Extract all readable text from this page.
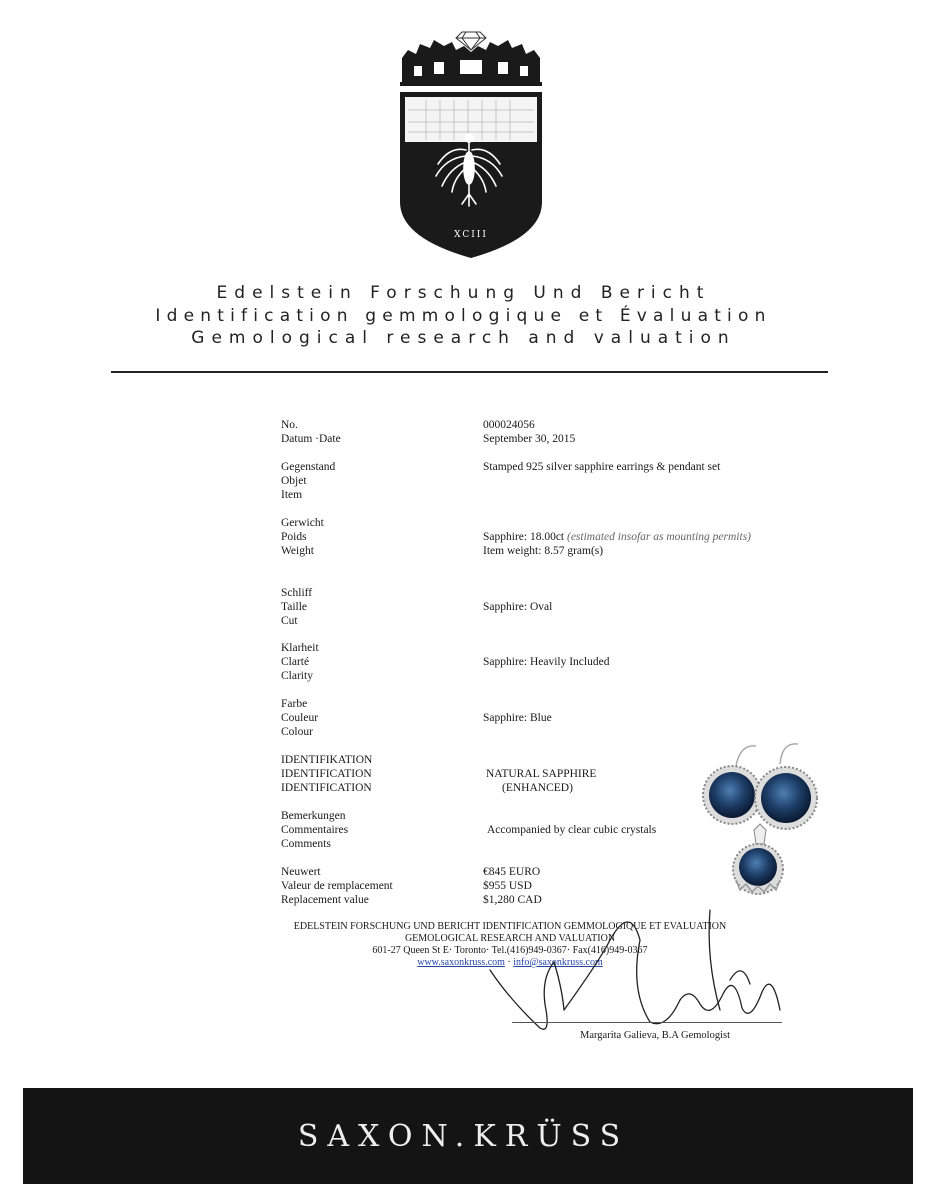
XCIII
Edelstein Forschung Und Bericht
Identification gemmologique et Évaluation
Gemological research and valuation
No.	000024056
Datum ·Date	September 30, 2015
Gegenstand
Objet
Item
Stamped 925 silver sapphire earrings & pendant set
Gerwicht
Poids
Weight
Sapphire: 18.00ct (estimated insofar as mounting permits)
Item weight: 8.57 gram(s)
Schliff
Taille
Cut
Sapphire: Oval
Klarheit
Clarté
Clarity
Sapphire: Heavily Included
Farbe
Couleur
Colour
Sapphire: Blue
IDENTIFIKATION
IDENTIFICATION
IDENTIFICATION
NATURAL SAPPHIRE
(ENHANCED)
Bemerkungen
Commentaires
Comments
Accompanied by clear cubic crystals
Neuwert
Valeur de remplacement
Replacement value
€845 EURO
$955 USD
$1,280 CAD
EDELSTEIN FORSCHUNG UND BERICHT IDENTIFICATION GEMMOLOGIQUE ET EVALUATION
GEMOLOGICAL RESEARCH AND VALUATION
601-27 Queen St E· Toronto· Tel.(416)949-0367· Fax(416)949-0367
www.saxonkruss.com · info@saxonkruss.com
Margarita Galieva, B.A Gemologist
SAXON.KRÜSS
